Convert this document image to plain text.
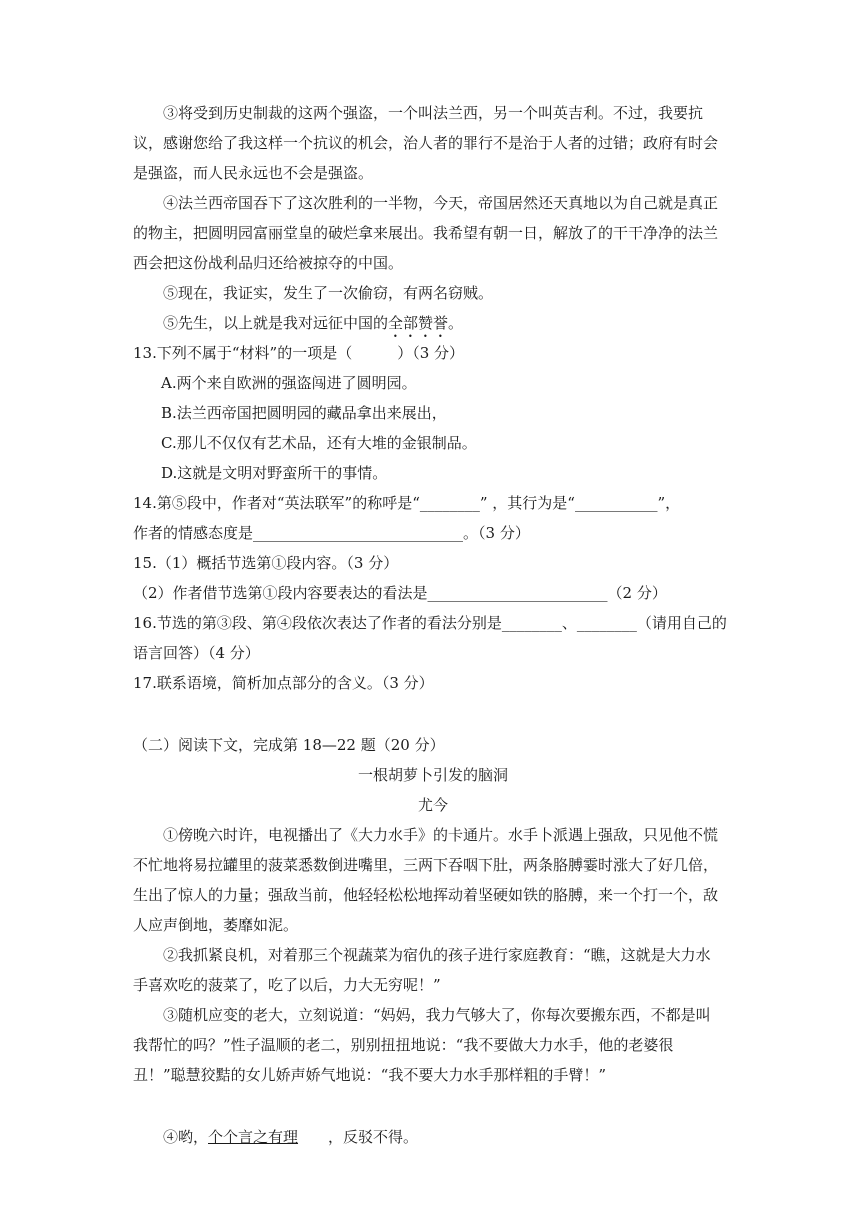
③将受到历史制裁的这两个强盗，一个叫法兰西，另一个叫英吉利。不过，我要抗
议，感谢您给了我这样一个抗议的机会，治人者的罪行不是治于人者的过错；政府有时会
是强盗，而人民永远也不会是强盗。
④法兰西帝国吞下了这次胜利的一半物，今天，帝国居然还天真地以为自己就是真正
的物主，把圆明园富丽堂皇的破烂拿来展出。我希望有朝一日，解放了的干干净净的法兰
西会把这份战利品归还给被掠夺的中国。
⑤现在，我证实，发生了一次偷窃，有两名窃贼。
⑤先生，以上就是我对远征中国的全部赞誉。
13.下列不属于“材料”的一项是（　　　）（3 分）
A.两个来自欧洲的强盗闯进了圆明园。
B.法兰西帝国把圆明园的藏品拿出来展出，
C.那儿不仅仅有艺术品，还有大堆的金银制品。
D.这就是文明对野蛮所干的事情。
14.第⑤段中，作者对“英法联军”的称呼是“________” ，其行为是“___________”，
作者的情感态度是____________________________。（3 分）
15.（1）概括节选第①段内容。（3 分）
（2）作者借节选第①段内容要表达的看法是________________________（2 分）
16.节选的第③段、第④段依次表达了作者的看法分别是________、________（请用自己的
语言回答）（4 分）
17.联系语境，简析加点部分的含义。（3 分）
（二）阅读下文，完成第 18—22 题（20 分）
一根胡萝卜引发的脑洞
尤今
①傍晚六时许，电视播出了《大力水手》的卡通片。水手卜派遇上强敌，只见他不慌
不忙地将易拉罐里的菠菜悉数倒进嘴里，三两下吞咽下肚，两条胳膊霎时涨大了好几倍，
生出了惊人的力量；强敌当前，他轻轻松松地挥动着坚硬如铁的胳膊，来一个打一个，敌
人应声倒地，萎靡如泥。
②我抓紧良机，对着那三个视蔬菜为宿仇的孩子进行家庭教育：“瞧，这就是大力水
手喜欢吃的菠菜了，吃了以后，力大无穷呢！”
③随机应变的老大，立刻说道：“妈妈，我力气够大了，你每次要搬东西，不都是叫
我帮忙的吗？”性子温顺的老二，别别扭扭地说：“我不要做大力水手，他的老婆很
丑！”聪慧狡黠的女儿娇声娇气地说：“我不要大力水手那样粗的手臂！”
④哟，个个言之有理　　，反驳不得。
